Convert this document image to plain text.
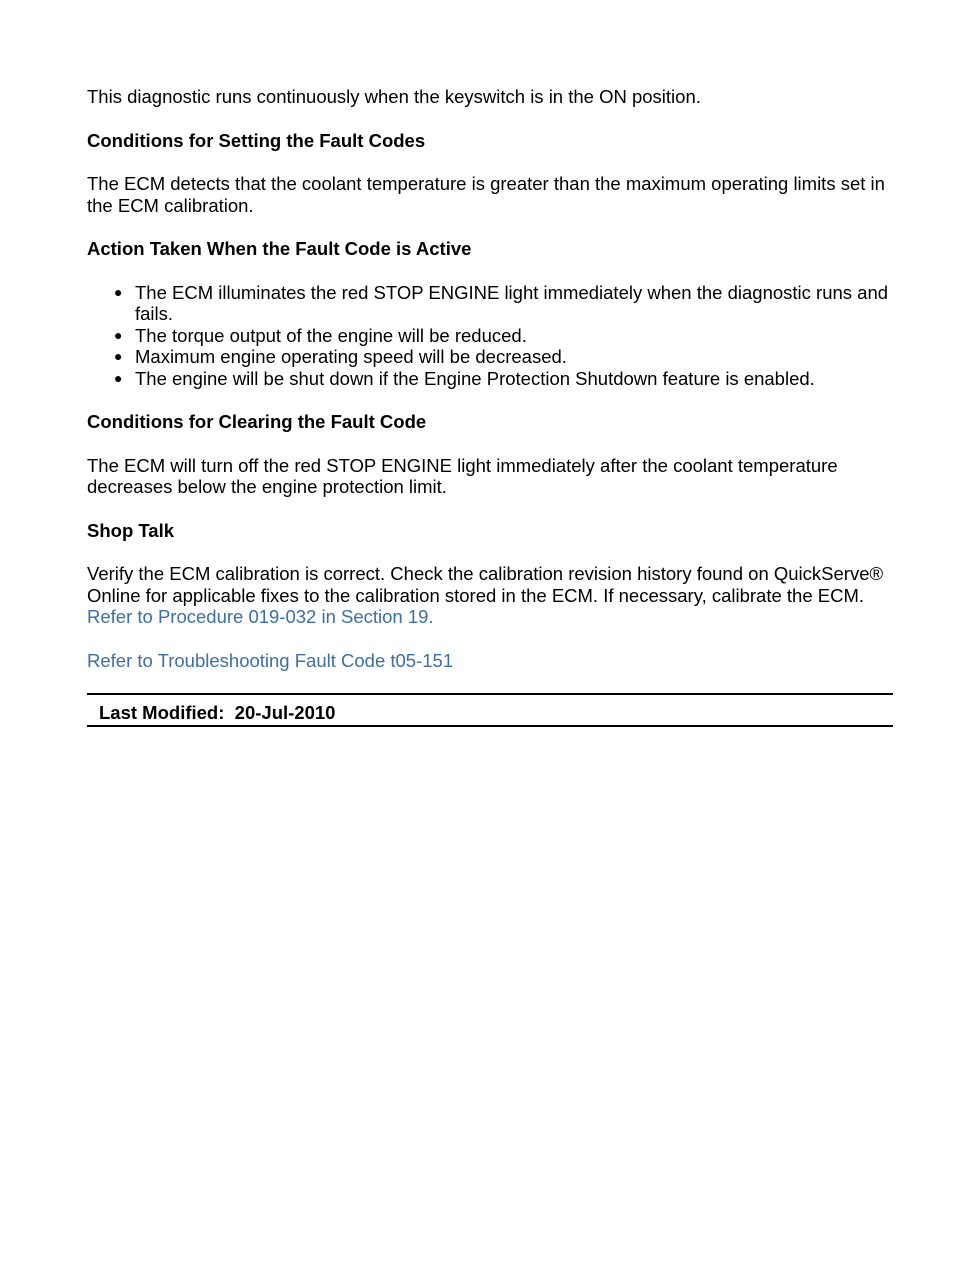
This diagnostic runs continuously when the keyswitch is in the ON position.

Conditions for Setting the Fault Codes

The ECM detects that the coolant temperature is greater than the maximum operating limits set in the ECM calibration.

Action Taken When the Fault Code is Active
● The ECM illuminates the red STOP ENGINE light immediately when the diagnostic runs and fails.
● The torque output of the engine will be reduced.
● Maximum engine operating speed will be decreased.
● The engine will be shut down if the Engine Protection Shutdown feature is enabled.
Conditions for Clearing the Fault Code

The ECM will turn off the red STOP ENGINE light immediately after the coolant temperature decreases below the engine protection limit.

Shop Talk

Verify the ECM calibration is correct. Check the calibration revision history found on QuickServe® Online for applicable fixes to the calibration stored in the ECM. If necessary, calibrate the ECM. Refer to Procedure 019-032 in Section 19.

Refer to Troubleshooting Fault Code t05-151

Last Modified: 20-Jul-2010
